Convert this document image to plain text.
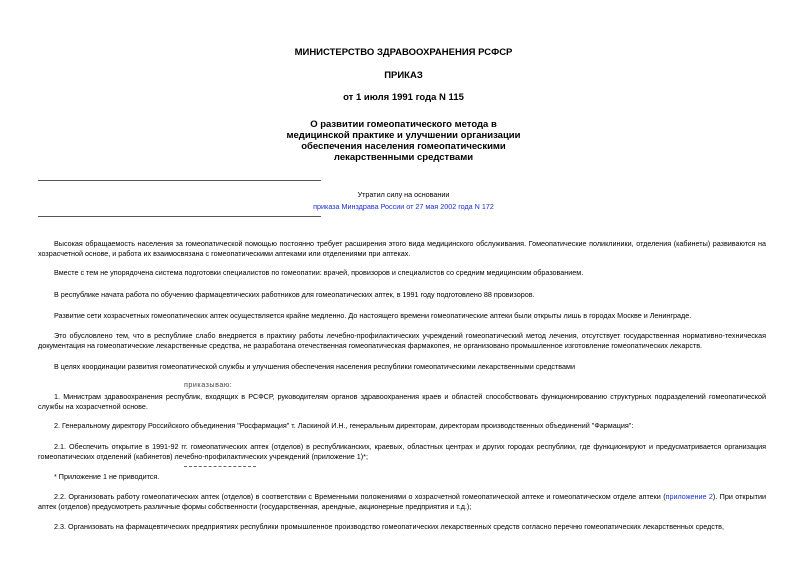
МИНИСТЕРСТВО ЗДРАВООХРАНЕНИЯ РСФСР
ПРИКАЗ
от 1 июля 1991 года N 115
О развитии гомеопатического метода в
медицинской практике и улучшении организации
обеспечения населения гомеопатическими
лекарственными средствами
Утратил силу на основании
приказа Минздрава России от 27 мая 2002 года N 172
Высокая обращаемость населения за гомеопатической помощью постоянно требует расширения этого вида медицинского обслуживания. Гомеопатические поликлиники, отделения (кабинеты) развиваются на хозрасчетной основе, и работа их взаимосвязана с гомеопатическими аптеками или отделениями при аптеках.
Вместе с тем не упорядочена система подготовки специалистов по гомеопатии: врачей, провизоров и специалистов со средним медицинским образованием.
В республике начата работа по обучению фармацевтических работников для гомеопатических аптек, в 1991 году подготовлено 88 провизоров.
Развитие сети хозрасчетных гомеопатических аптек осуществляется крайне медленно. До настоящего времени гомеопатические аптеки были открыты лишь в городах Москве и Ленинграде.
Это обусловлено тем, что в республике слабо внедряется в практику работы лечебно-профилактических учреждений гомеопатический метод лечения, отсутствует государственная нормативно-техническая документация на гомеопатические лекарственные средства, не разработана отечественная гомеопатическая фармакопея, не организовано промышленное изготовление гомеопатических лекарств.
В целях координации развития гомеопатической службы и улучшения обеспечения населения республики гомеопатическими лекарственными средствами
приказываю:
1. Министрам здравоохранения республик, входящих в РСФСР, руководителям органов здравоохранения краев и областей способствовать функционированию структурных подразделений гомеопатической службы на хозрасчетной основе.
2. Генеральному директору Российского объединения "Росфармация" т. Ласкиной И.Н., генеральным директорам, директорам производственных объединений "Фармация":
2.1. Обеспечить открытие в 1991-92 гг. гомеопатических аптек (отделов) в республиканских, краевых, областных центрах и других городах республики, где функционируют и предусматривается организация гомеопатических отделений (кабинетов) лечебно-профилактических учреждений (приложение 1)*;
* Приложение 1 не приводится.
2.2. Организовать работу гомеопатических аптек (отделов) в соответствии с Временными положениями о хозрасчетной гомеопатической аптеке и гомеопатическом отделе аптеки (приложение 2). При открытии аптек (отделов) предусмотреть различные формы собственности (государственная, арендные, акционерные предприятия и т.д.);
2.3. Организовать на фармацевтических предприятиях республики промышленное производство гомеопатических лекарственных средств согласно перечню гомеопатических лекарственных средств,
